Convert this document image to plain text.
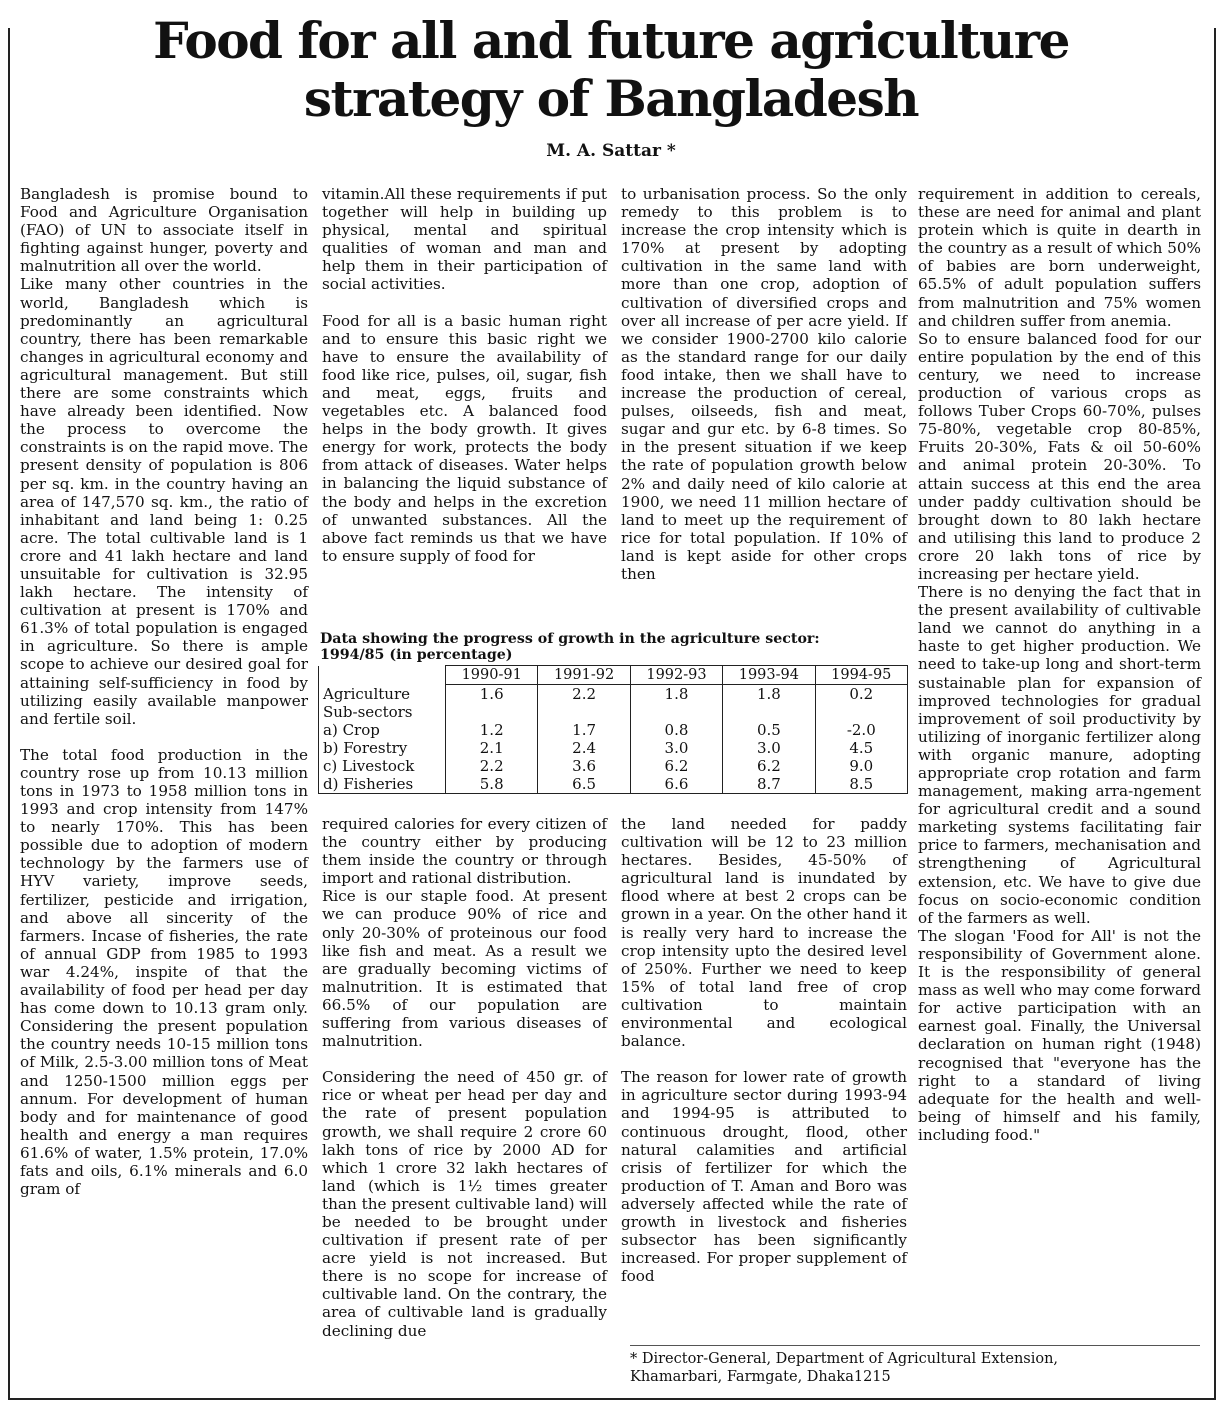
Food for all and future agriculture
strategy of Bangladesh

M. A. Sattar *

Bangladesh is promise bound to Food and Agriculture Organisation (FAO) of UN to associate itself in fighting against hunger, poverty and malnutrition all over the world.

Like many other countries in the world, Bangladesh which is predominantly an agricultural country, there has been remarkable changes in agricultural economy and agricultural management. But still there are some constraints which have already been identified. Now the process to overcome the constraints is on the rapid move. The present density of population is 806 per sq. km. in the country having an area of 147,570 sq. km., the ratio of inhabitant and land being 1: 0.25 acre. The total cultivable land is 1 crore and 41 lakh hectare and land unsuitable for cultivation is 32.95 lakh hectare. The intensity of cultivation at present is 170% and 61.3% of total population is engaged in agriculture. So there is ample scope to achieve our desired goal for attaining self-sufficiency in food by utilizing easily available manpower and fertile soil.

The total food production in the country rose up from 10.13 million tons in 1973 to 1958 million tons in 1993 and crop intensity from 147% to nearly 170%. This has been possible due to adoption of modern technology by the farmers use of HYV variety, improve seeds, fertilizer, pesticide and irrigation, and above all sincerity of the farmers. Incase of fisheries, the rate of annual GDP from 1985 to 1993 war 4.24%, inspite of that the availability of food per head per day has come down to 10.13 gram only. Considering the present population the country needs 10-15 million tons of Milk, 2.5-3.00 million tons of Meat and 1250-1500 million eggs per annum. For development of human body and for maintenance of good health and energy a man requires 61.6% of water, 1.5% protein, 17.0% fats and oils, 6.1% minerals and 6.0 gram of

vitamin.All these requirements if put together will help in building up physical, mental and spiritual qualities of woman and man and help them in their participation of social activities.

Food for all is a basic human right and to ensure this basic right we have to ensure the availability of food like rice, pulses, oil, sugar, fish and meat, eggs, fruits and vegetables etc. A balanced food helps in the body growth. It gives energy for work, protects the body from attack of diseases. Water helps in balancing the liquid substance of the body and helps in the excretion of unwanted substances. All the above fact reminds us that we have to ensure supply of food for

to urbanisation process. So the only remedy to this problem is to increase the crop intensity which is 170% at present by adopting cultivation in the same land with more than one crop, adoption of cultivation of diversified crops and over all increase of per acre yield. If we consider 1900-2700 kilo calorie as the standard range for our daily food intake, then we shall have to increase the production of cereal, pulses, oilseeds, fish and meat, sugar and gur etc. by 6-8 times. So in the present situation if we keep the rate of population growth below 2% and daily need of kilo calorie at 1900, we need 11 million hectare of land to meet up the requirement of rice for total population. If 10% of land is kept aside for other crops then

requirement in addition to cereals, these are need for animal and plant protein which is quite in dearth in the country as a result of which 50% of babies are born underweight, 65.5% of adult population suffers from malnutrition and 75% women and children suffer from anemia.

So to ensure balanced food for our entire population by the end of this century, we need to increase production of various crops as follows Tuber Crops 60-70%, pulses 75-80%, vegetable crop 80-85%, Fruits 20-30%, Fats & oil 50-60% and animal protein 20-30%. To attain success at this end the area under paddy cultivation should be brought down to 80 lakh hectare and utilising this land to produce 2 crore 20 lakh tons of rice by increasing per hectare yield.

There is no denying the fact that in the present availability of cultivable land we cannot do anything in a haste to get higher production. We need to take-up long and short-term sustainable plan for expansion of improved technologies for gradual improvement of soil productivity by utilizing of inorganic fertilizer along with organic manure, adopting appropriate crop rotation and farm management, making arra-ngement for agricultural credit and a sound marketing systems facilitating fair price to farmers, mechanisation and strengthening of Agricultural extension, etc. We have to give due focus on socio-economic condition of the farmers as well.

The slogan 'Food for All' is not the responsibility of Government alone. It is the responsibility of general mass as well who may come forward for active participation with an earnest goal. Finally, the Universal declaration on human right (1948) recognised that "everyone has the right to a standard of living adequate for the health and well-being of himself and his family, including food."

Data showing the progress of growth in the agriculture sector:
1994/85 (in percentage)

	1990-91	1991-92	1992-93	1993-94	1994-95
Agriculture	1.6	2.2	1.8	1.8	0.2
Sub-sectors					
a) Crop	1.2	1.7	0.8	0.5	-2.0
b) Forestry	2.1	2.4	3.0	3.0	4.5
c) Livestock	2.2	3.6	6.2	6.2	9.0
d) Fisheries	5.8	6.5	6.6	8.7	8.5

required calories for every citizen of the country either by producing them inside the country or through import and rational distribution.

Rice is our staple food. At present we can produce 90% of rice and only 20-30% of proteinous our food like fish and meat. As a result we are gradually becoming victims of malnutrition. It is estimated that 66.5% of our population are suffering from various diseases of malnutrition.

Considering the need of 450 gr. of rice or wheat per head per day and the rate of present population growth, we shall require 2 crore 60 lakh tons of rice by 2000 AD for which 1 crore 32 lakh hectares of land (which is 1½ times greater than the present cultivable land) will be needed to be brought under cultivation if present rate of per acre yield is not increased. But there is no scope for increase of cultivable land. On the contrary, the area of cultivable land is gradually declining due

the land needed for paddy cultivation will be 12 to 23 million hectares. Besides, 45-50% of agricultural land is inundated by flood where at best 2 crops can be grown in a year. On the other hand it is really very hard to increase the crop intensity upto the desired level of 250%. Further we need to keep 15% of total land free of crop cultivation to maintain environmental and ecological balance.

The reason for lower rate of growth in agriculture sector during 1993-94 and 1994-95 is attributed to continuous drought, flood, other natural calamities and artificial crisis of fertilizer for which the production of T. Aman and Boro was adversely affected while the rate of growth in livestock and fisheries subsector has been significantly increased. For proper supplement of food

* Director-General, Department of Agricultural Extension,
Khamarbari, Farmgate, Dhaka1215
